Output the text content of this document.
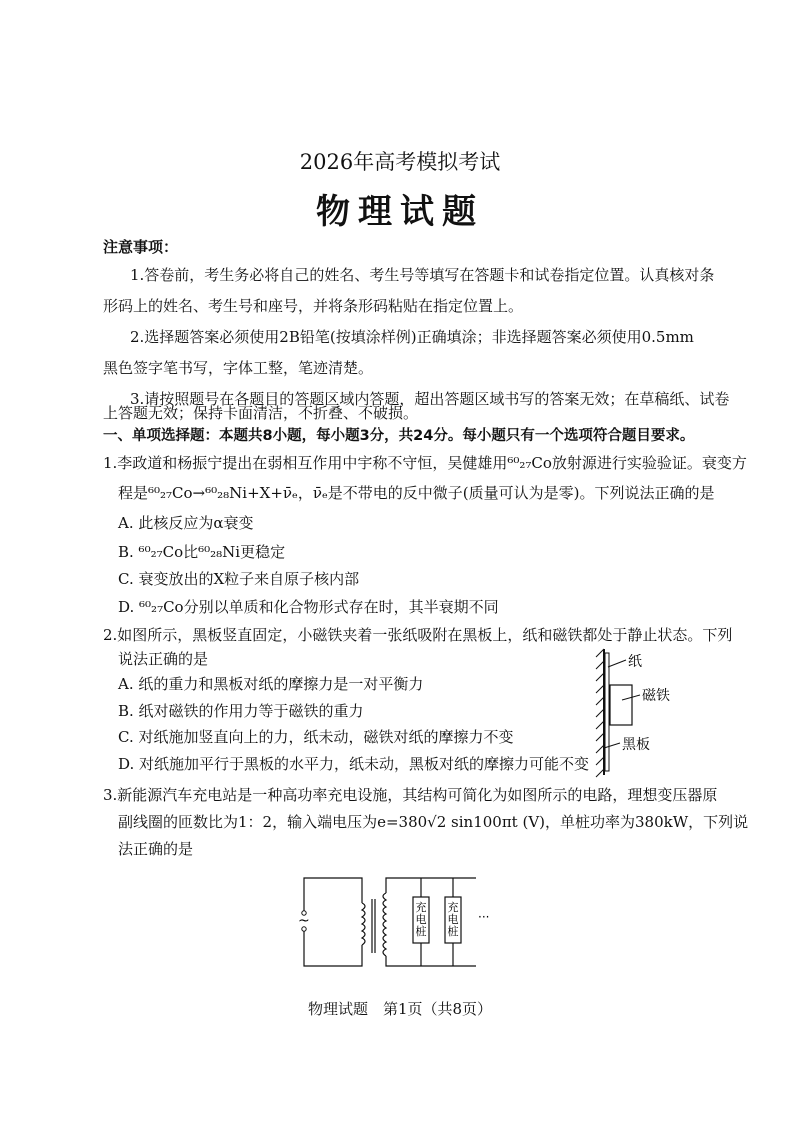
2026年高考模拟考试
物理试题
注意事项：
1.答卷前，考生务必将自己的姓名、考生号等填写在答题卡和试卷指定位置。认真核对条
形码上的姓名、考生号和座号，并将条形码粘贴在指定位置上。
2.选择题答案必须使用2B铅笔(按填涂样例)正确填涂；非选择题答案必须使用0.5mm
黑色签字笔书写，字体工整，笔迹清楚。
3.请按照题号在各题目的答题区域内答题，超出答题区域书写的答案无效；在草稿纸、试卷
上答题无效；保持卡面清洁，不折叠、不破损。
一、单项选择题：本题共8小题，每小题3分，共24分。每小题只有一个选项符合题目要求。
1.李政道和杨振宁提出在弱相互作用中宇称不守恒，吴健雄用⁶⁰₂₇Co放射源进行实验验证。衰变方
程是⁶⁰₂₇Co→⁶⁰₂₈Ni+X+ν̄ₑ，ν̄ₑ是不带电的反中微子(质量可认为是零)。下列说法正确的是
A. 此核反应为α衰变
B. ⁶⁰₂₇Co比⁶⁰₂₈Ni更稳定
C. 衰变放出的X粒子来自原子核内部
D. ⁶⁰₂₇Co分别以单质和化合物形式存在时，其半衰期不同
2.如图所示，黑板竖直固定，小磁铁夹着一张纸吸附在黑板上，纸和磁铁都处于静止状态。下列
说法正确的是
A. 纸的重力和黑板对纸的摩擦力是一对平衡力
B. 纸对磁铁的作用力等于磁铁的重力
C. 对纸施加竖直向上的力，纸未动，磁铁对纸的摩擦力不变
D. 对纸施加平行于黑板的水平力，纸未动，黑板对纸的摩擦力可能不变
纸
磁铁
黑板
3.新能源汽车充电站是一种高功率充电设施，其结构可简化为如图所示的电路，理想变压器原
副线圈的匝数比为1：2，输入端电压为e=380√2 sin100πt (V)，单桩功率为380kW，下列说
法正确的是
~	···
充电桩
充电桩
物理试题　第1页（共8页）
